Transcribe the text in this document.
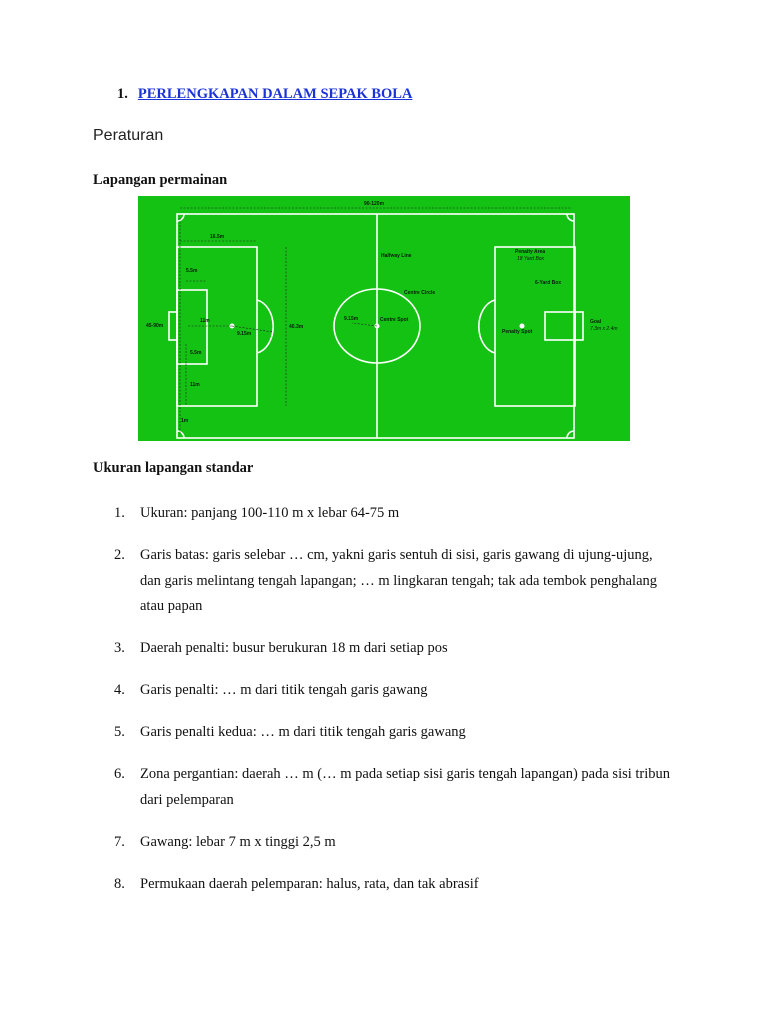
1. PERLENGKAPAN DALAM SEPAK BOLA
Peraturan
Lapangan permainan
90-120m
45-90m
16.5m
5.5m
11m
9.15m
40.3m
5.5m
11m
1m
Halfway Line
Centre Circle
9.15m	Centre Spot
Penalty Area
18 Yard Box
6-Yard Box
Penalty Spot
Goal
7.3m x 2.4m
Ukuran lapangan standar
1.	Ukuran: panjang 100-110 m x lebar 64-75 m
2.	Garis batas: garis selebar … cm, yakni garis sentuh di sisi, garis gawang di ujung-ujung, dan garis melintang tengah lapangan; … m lingkaran tengah; tak ada tembok penghalang atau papan
3.	Daerah penalti: busur berukuran 18 m dari setiap pos
4.	Garis penalti: … m dari titik tengah garis gawang
5.	Garis penalti kedua: … m dari titik tengah garis gawang
6.	Zona pergantian: daerah … m (… m pada setiap sisi garis tengah lapangan) pada sisi tribun dari pelemparan
7.	Gawang: lebar 7 m x tinggi 2,5 m
8.	Permukaan daerah pelemparan: halus, rata, dan tak abrasif
